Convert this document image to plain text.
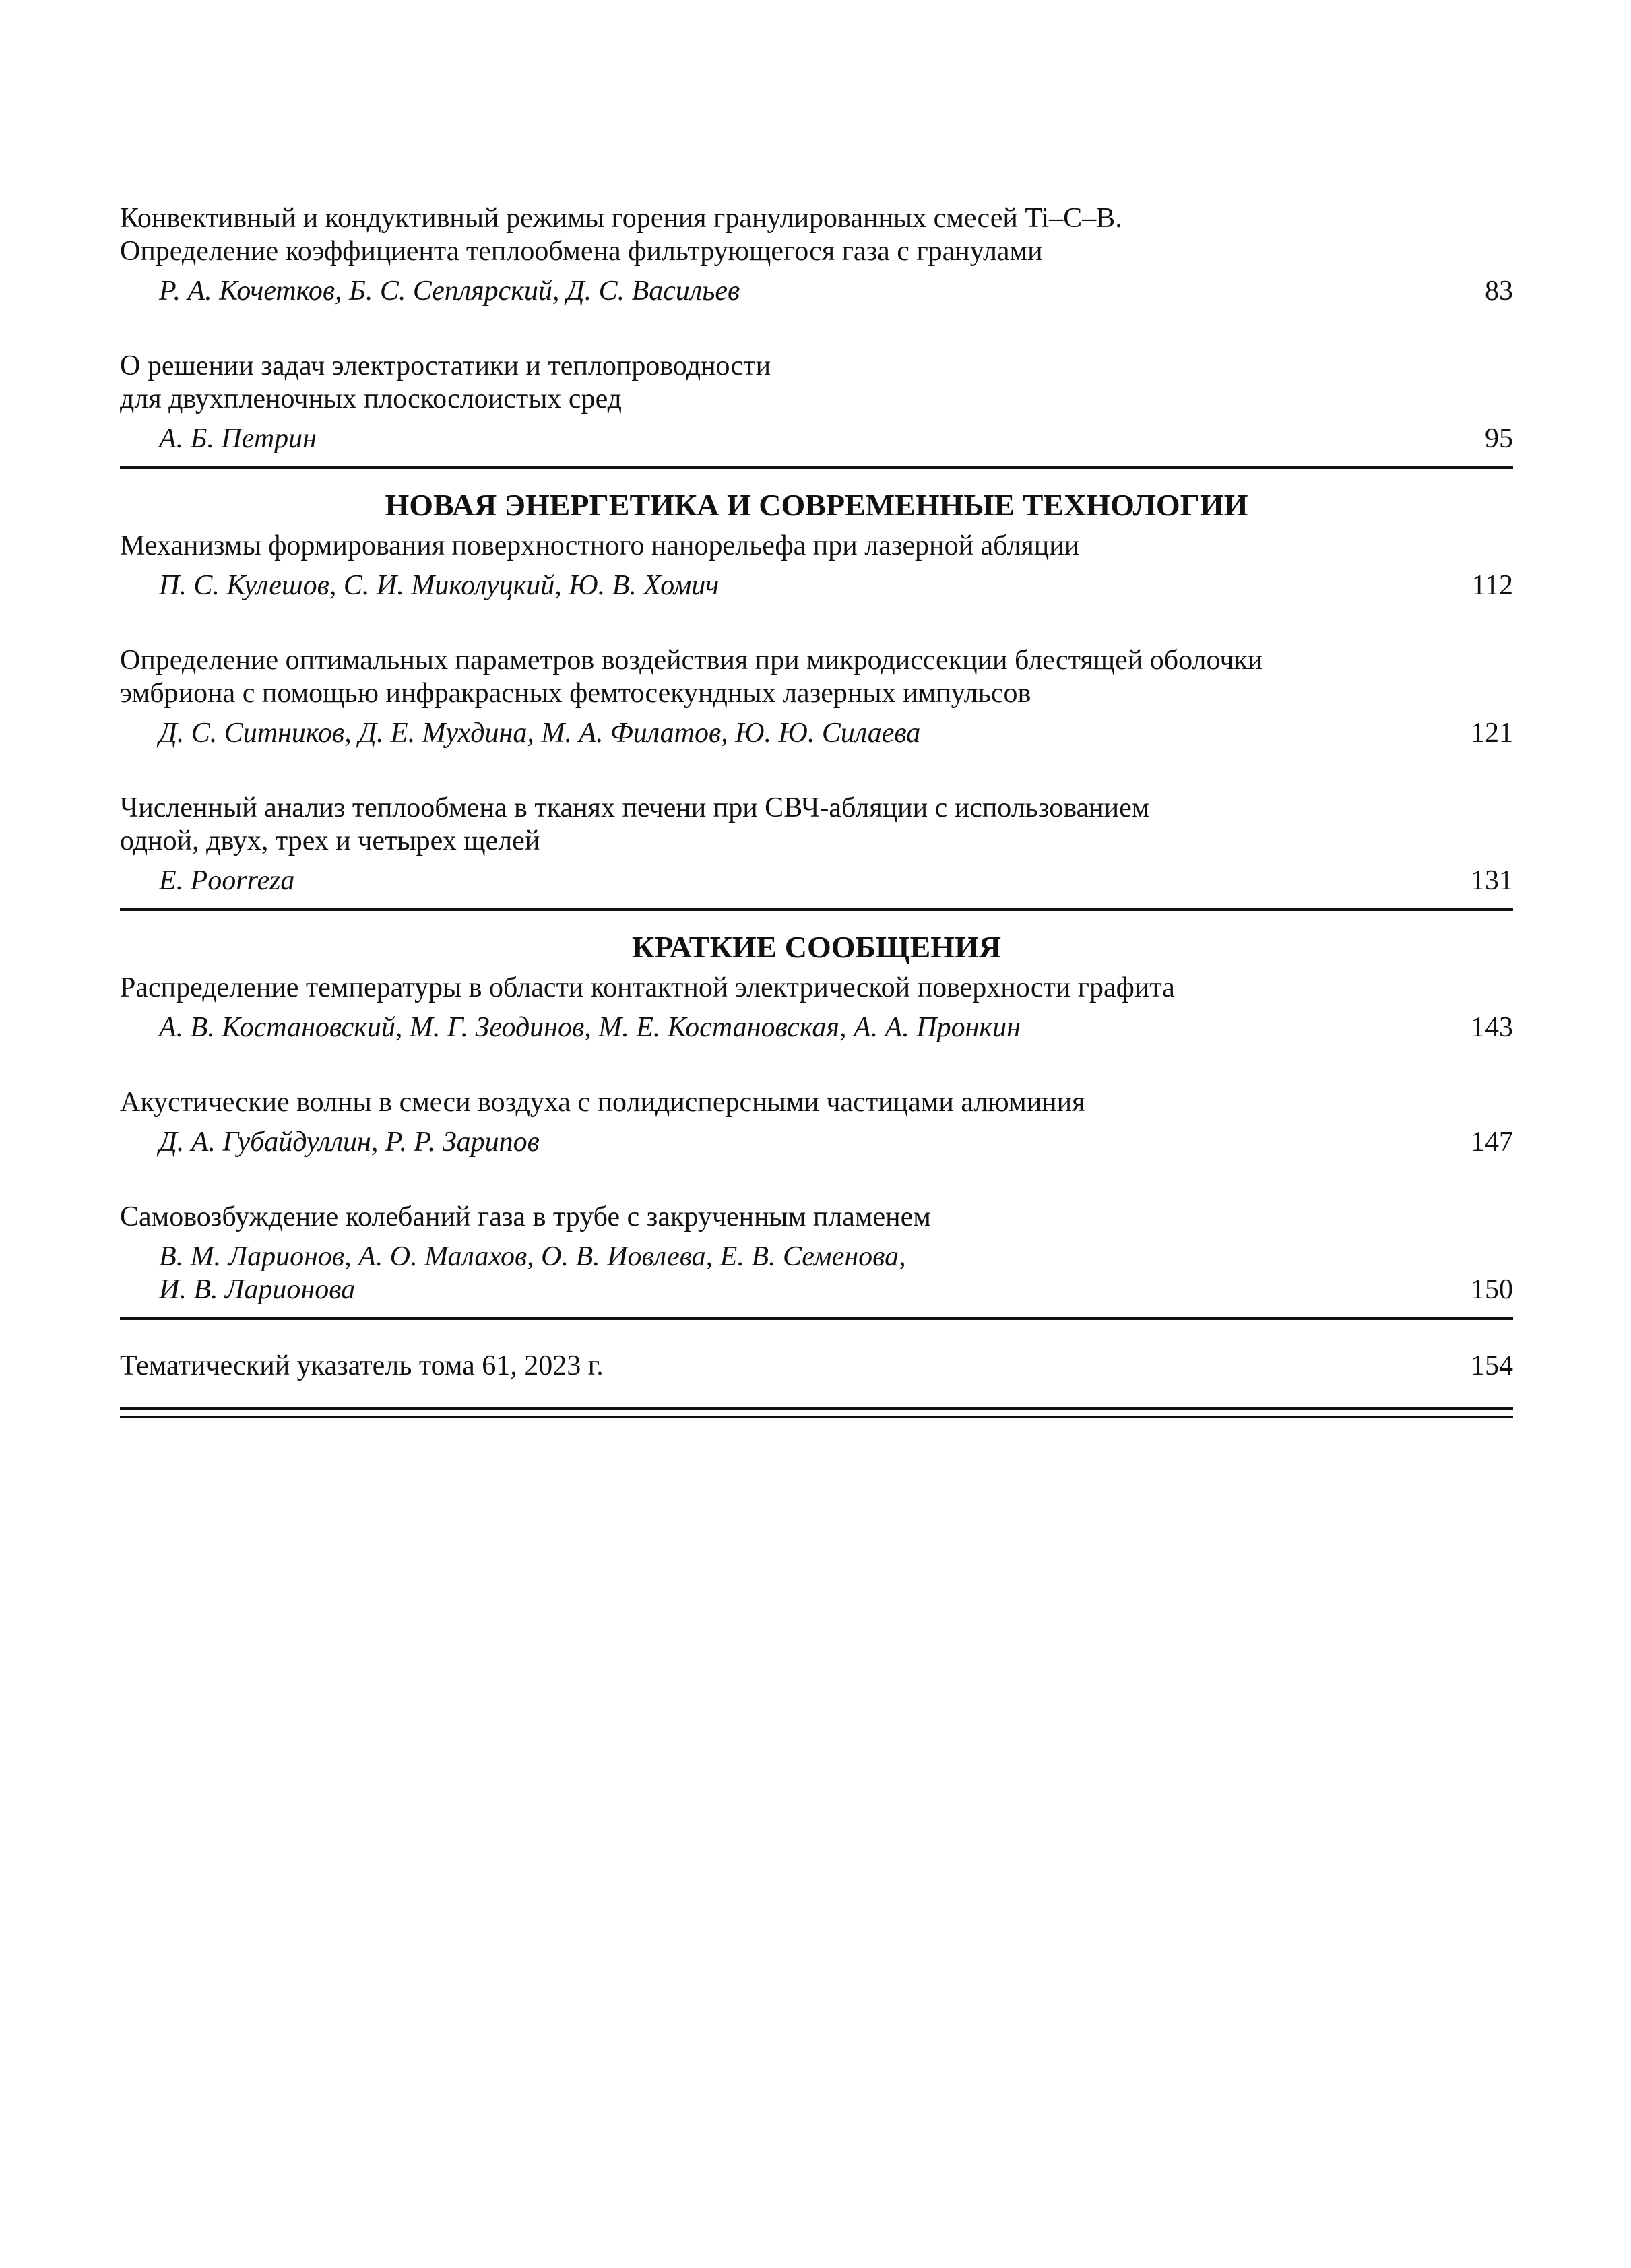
Конвективный и кондуктивный режимы горения гранулированных смесей Ti–C–B.
Определение коэффициента теплообмена фильтрующегося газа с гранулами
Р. А. Кочетков, Б. С. Сеплярский, Д. С. Васильев	83
О решении задач электростатики и теплопроводности
для двухпленочных плоскослоистых сред
А. Б. Петрин	95
НОВАЯ ЭНЕРГЕТИКА И СОВРЕМЕННЫЕ ТЕХНОЛОГИИ
Механизмы формирования поверхностного нанорельефа при лазерной абляции
П. С. Кулешов, С. И. Миколуцкий, Ю. В. Хомич	112
Определение оптимальных параметров воздействия при микродиссекции блестящей оболочки
эмбриона с помощью инфракрасных фемтосекундных лазерных импульсов
Д. С. Ситников, Д. Е. Мухдина, М. А. Филатов, Ю. Ю. Силаева	121
Численный анализ теплообмена в тканях печени при СВЧ-абляции с использованием
одной, двух, трех и четырех щелей
E. Poorreza	131
КРАТКИЕ СООБЩЕНИЯ
Распределение температуры в области контактной электрической поверхности графита
А. В. Костановский, М. Г. Зеодинов, М. Е. Костановская, А. А. Пронкин	143
Акустические волны в смеси воздуха с полидисперсными частицами алюминия
Д. А. Губайдуллин, Р. Р. Зарипов	147
Самовозбуждение колебаний газа в трубе с закрученным пламенем
В. М. Ларионов, А. О. Малахов, О. В. Иовлева, Е. В. Семенова,
И. В. Ларионова	150
Тематический указатель тома 61, 2023 г.	154
